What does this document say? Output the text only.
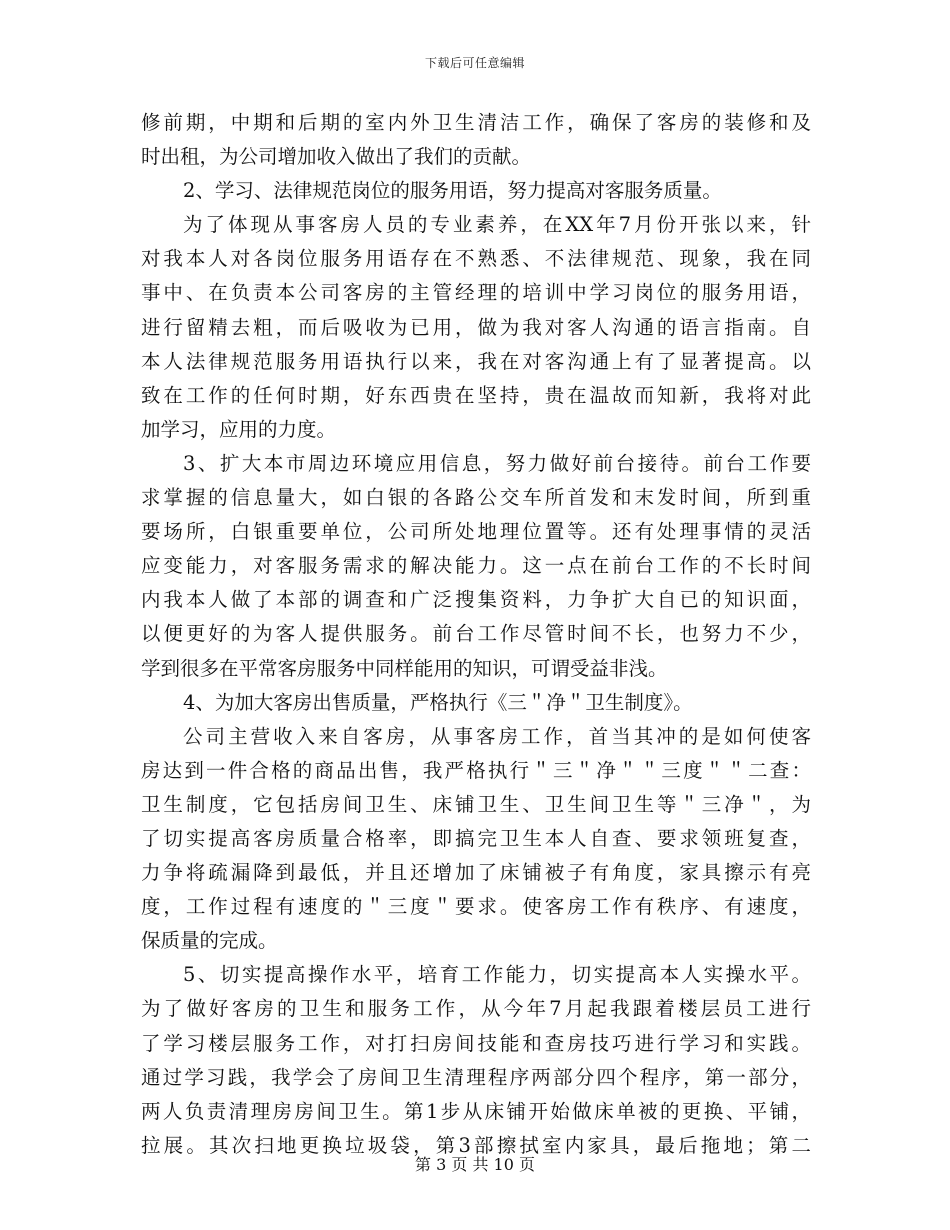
下载后可任意编辑
修前期，中期和后期的室内外卫生清洁工作，确保了客房的装修和及
时出租，为公司增加收入做出了我们的贡献。
2、学习、法律规范岗位的服务用语，努力提高对客服务质量。
为了体现从事客房人员的专业素养，在XX年7月份开张以来，针
对我本人对各岗位服务用语存在不熟悉、不法律规范、现象，我在同
事中、在负责本公司客房的主管经理的培训中学习岗位的服务用语，
进行留精去粗，而后吸收为已用，做为我对客人沟通的语言指南。自
本人法律规范服务用语执行以来，我在对客沟通上有了显著提高。以
致在工作的任何时期，好东西贵在坚持，贵在温故而知新，我将对此
加学习，应用的力度。
3、扩大本市周边环境应用信息，努力做好前台接待。前台工作要
求掌握的信息量大，如白银的各路公交车所首发和末发时间，所到重
要场所，白银重要单位，公司所处地理位置等。还有处理事情的灵活
应变能力，对客服务需求的解决能力。这一点在前台工作的不长时间
内我本人做了本部的调查和广泛搜集资料，力争扩大自已的知识面，
以便更好的为客人提供服务。前台工作尽管时间不长，也努力不少，
学到很多在平常客房服务中同样能用的知识，可谓受益非浅。
4、为加大客房出售质量，严格执行《三＂净＂卫生制度》。
公司主营收入来自客房，从事客房工作，首当其冲的是如何使客
房达到一件合格的商品出售，我严格执行＂三＂净＂＂三度＂＂二查：
卫生制度，它包括房间卫生、床铺卫生、卫生间卫生等＂三净＂，为
了切实提高客房质量合格率，即搞完卫生本人自查、要求领班复查，
力争将疏漏降到最低，并且还增加了床铺被子有角度，家具擦示有亮
度，工作过程有速度的＂三度＂要求。使客房工作有秩序、有速度，
保质量的完成。
5、切实提高操作水平，培育工作能力，切实提高本人实操水平。
为了做好客房的卫生和服务工作，从今年7月起我跟着楼层员工进行
了学习楼层服务工作，对打扫房间技能和查房技巧进行学习和实践。
通过学习践，我学会了房间卫生清理程序两部分四个程序，第一部分，
两人负责清理房房间卫生。第1步从床铺开始做床单被的更换、平铺，
拉展。其次扫地更换垃圾袋，第3部擦拭室内家具，最后拖地；第二
第 3 页 共 10 页
